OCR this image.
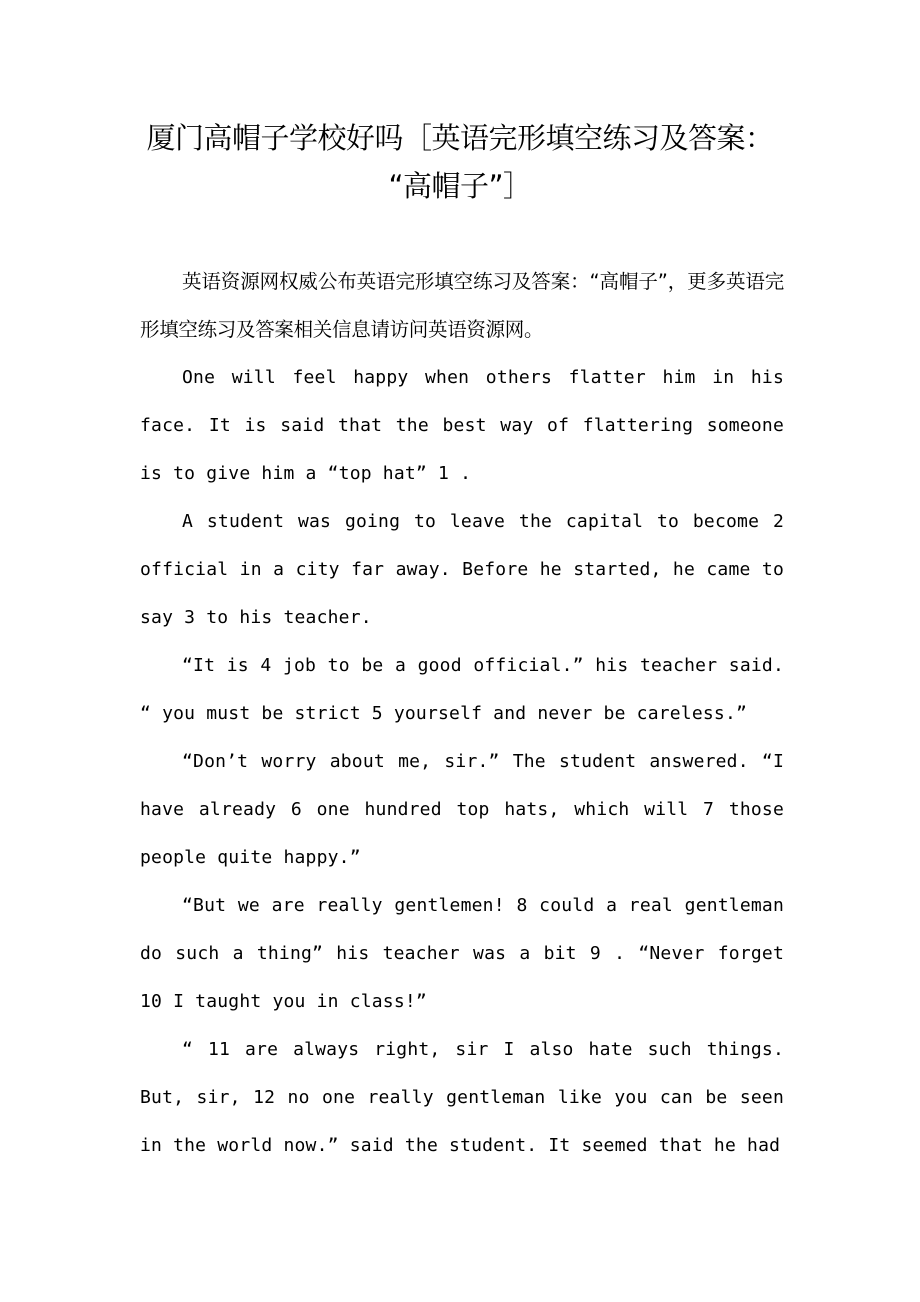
厦门高帽子学校好吗［英语完形填空练习及答案：
“高帽子”］

英语资源网权威公布英语完形填空练习及答案：“高帽子”，更多英语完形填空练习及答案相关信息请访问英语资源网。

One will feel happy when others flatter him in his face. It is said that the best way of flattering someone is to give him a “top hat” 1 .

A student was going to leave the capital to become 2 official in a city far away. Before he started, he came to say 3 to his teacher.

“It is 4 job to be a good official.” his teacher said. “ you must be strict 5 yourself and never be careless.”

“Don’t worry about me, sir.” The student answered. “I have already 6 one hundred top hats, which will 7 those people quite happy.”

“But we are really gentlemen! 8 could a real gentleman do such a thing” his teacher was a bit 9 . “Never forget 10 I taught you in class!”

“ 11 are always right, sir I also hate such things. But, sir, 12 no one really gentleman like you can be seen in the world now.” said the student. It seemed that he had
